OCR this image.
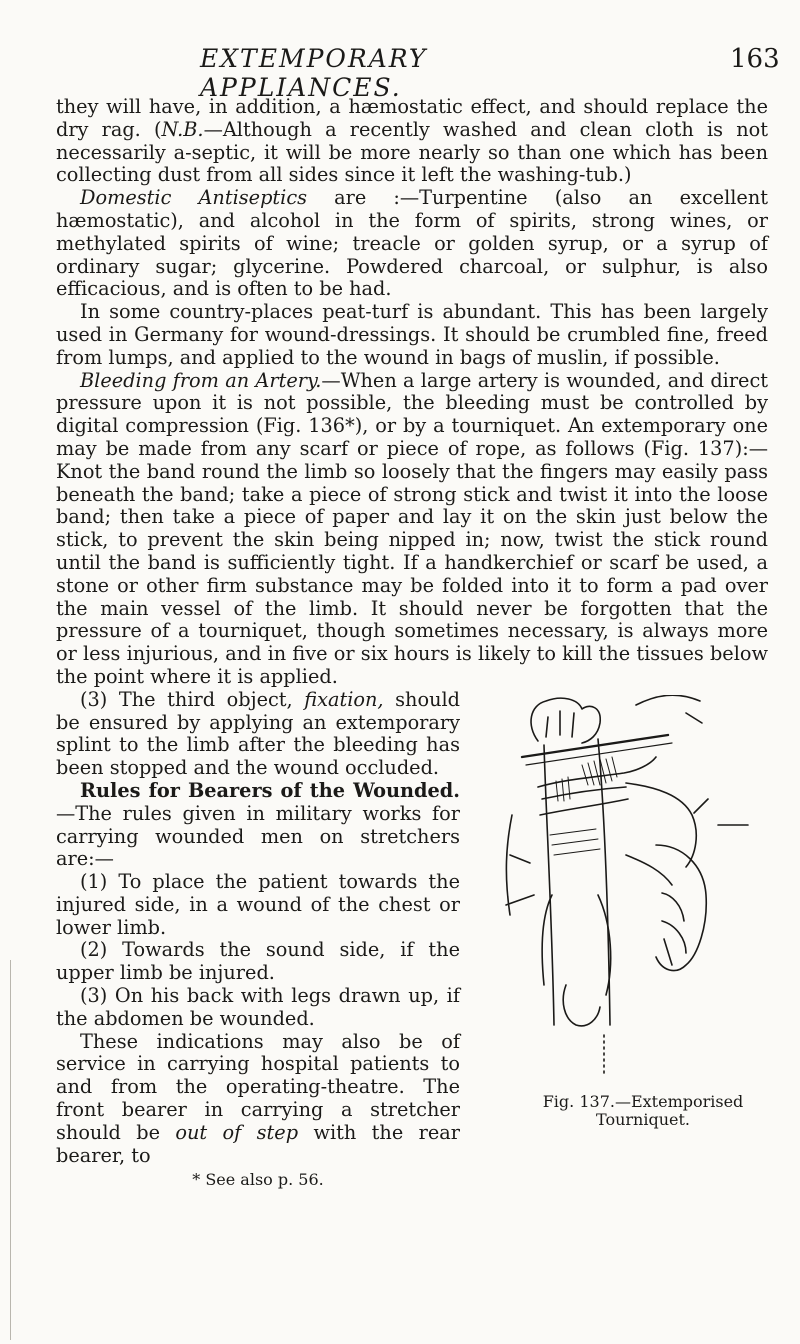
EXTEMPORARY APPLIANCES.
163

they will have, in addition, a hæmostatic effect, and should replace the dry rag. (N.B.—Although a recently washed and clean cloth is not necessarily a-septic, it will be more nearly so than one which has been collecting dust from all sides since it left the washing-tub.)

Domestic Antiseptics are :—Turpentine (also an excellent hæmostatic), and alcohol in the form of spirits, strong wines, or methylated spirits of wine; treacle or golden syrup, or a syrup of ordinary sugar; glycerine. Powdered charcoal, or sulphur, is also efficacious, and is often to be had.

In some country-places peat-turf is abundant. This has been largely used in Germany for wound-dressings. It should be crumbled fine, freed from lumps, and applied to the wound in bags of muslin, if possible.

Bleeding from an Artery.—When a large artery is wounded, and direct pressure upon it is not possible, the bleeding must be controlled by digital compression (Fig. 136*), or by a tourniquet. An extemporary one may be made from any scarf or piece of rope, as follows (Fig. 137):—Knot the band round the limb so loosely that the fingers may easily pass beneath the band; take a piece of strong stick and twist it into the loose band; then take a piece of paper and lay it on the skin just below the stick, to prevent the skin being nipped in; now, twist the stick round until the band is sufficiently tight. If a handkerchief or scarf be used, a stone or other firm substance may be folded into it to form a pad over the main vessel of the limb. It should never be forgotten that the pressure of a tourniquet, though sometimes necessary, is always more or less injurious, and in five or six hours is likely to kill the tissues below the point where it is applied.

Fig. 137.—Extemporised
Tourniquet.

(3) The third object, fixation, should be ensured by applying an extemporary splint to the limb after the bleeding has been stopped and the wound occluded.

Rules for Bearers of the Wounded.—The rules given in military works for carrying wounded men on stretchers are:—

(1) To place the patient towards the injured side, in a wound of the chest or lower limb.

(2) Towards the sound side, if the upper limb be injured.

(3) On his back with legs drawn up, if the abdomen be wounded.

These indications may also be of service in carrying hospital patients to and from the operating-theatre. The front bearer in carrying a stretcher should be out of step with the rear bearer, to

* See also p. 56.
